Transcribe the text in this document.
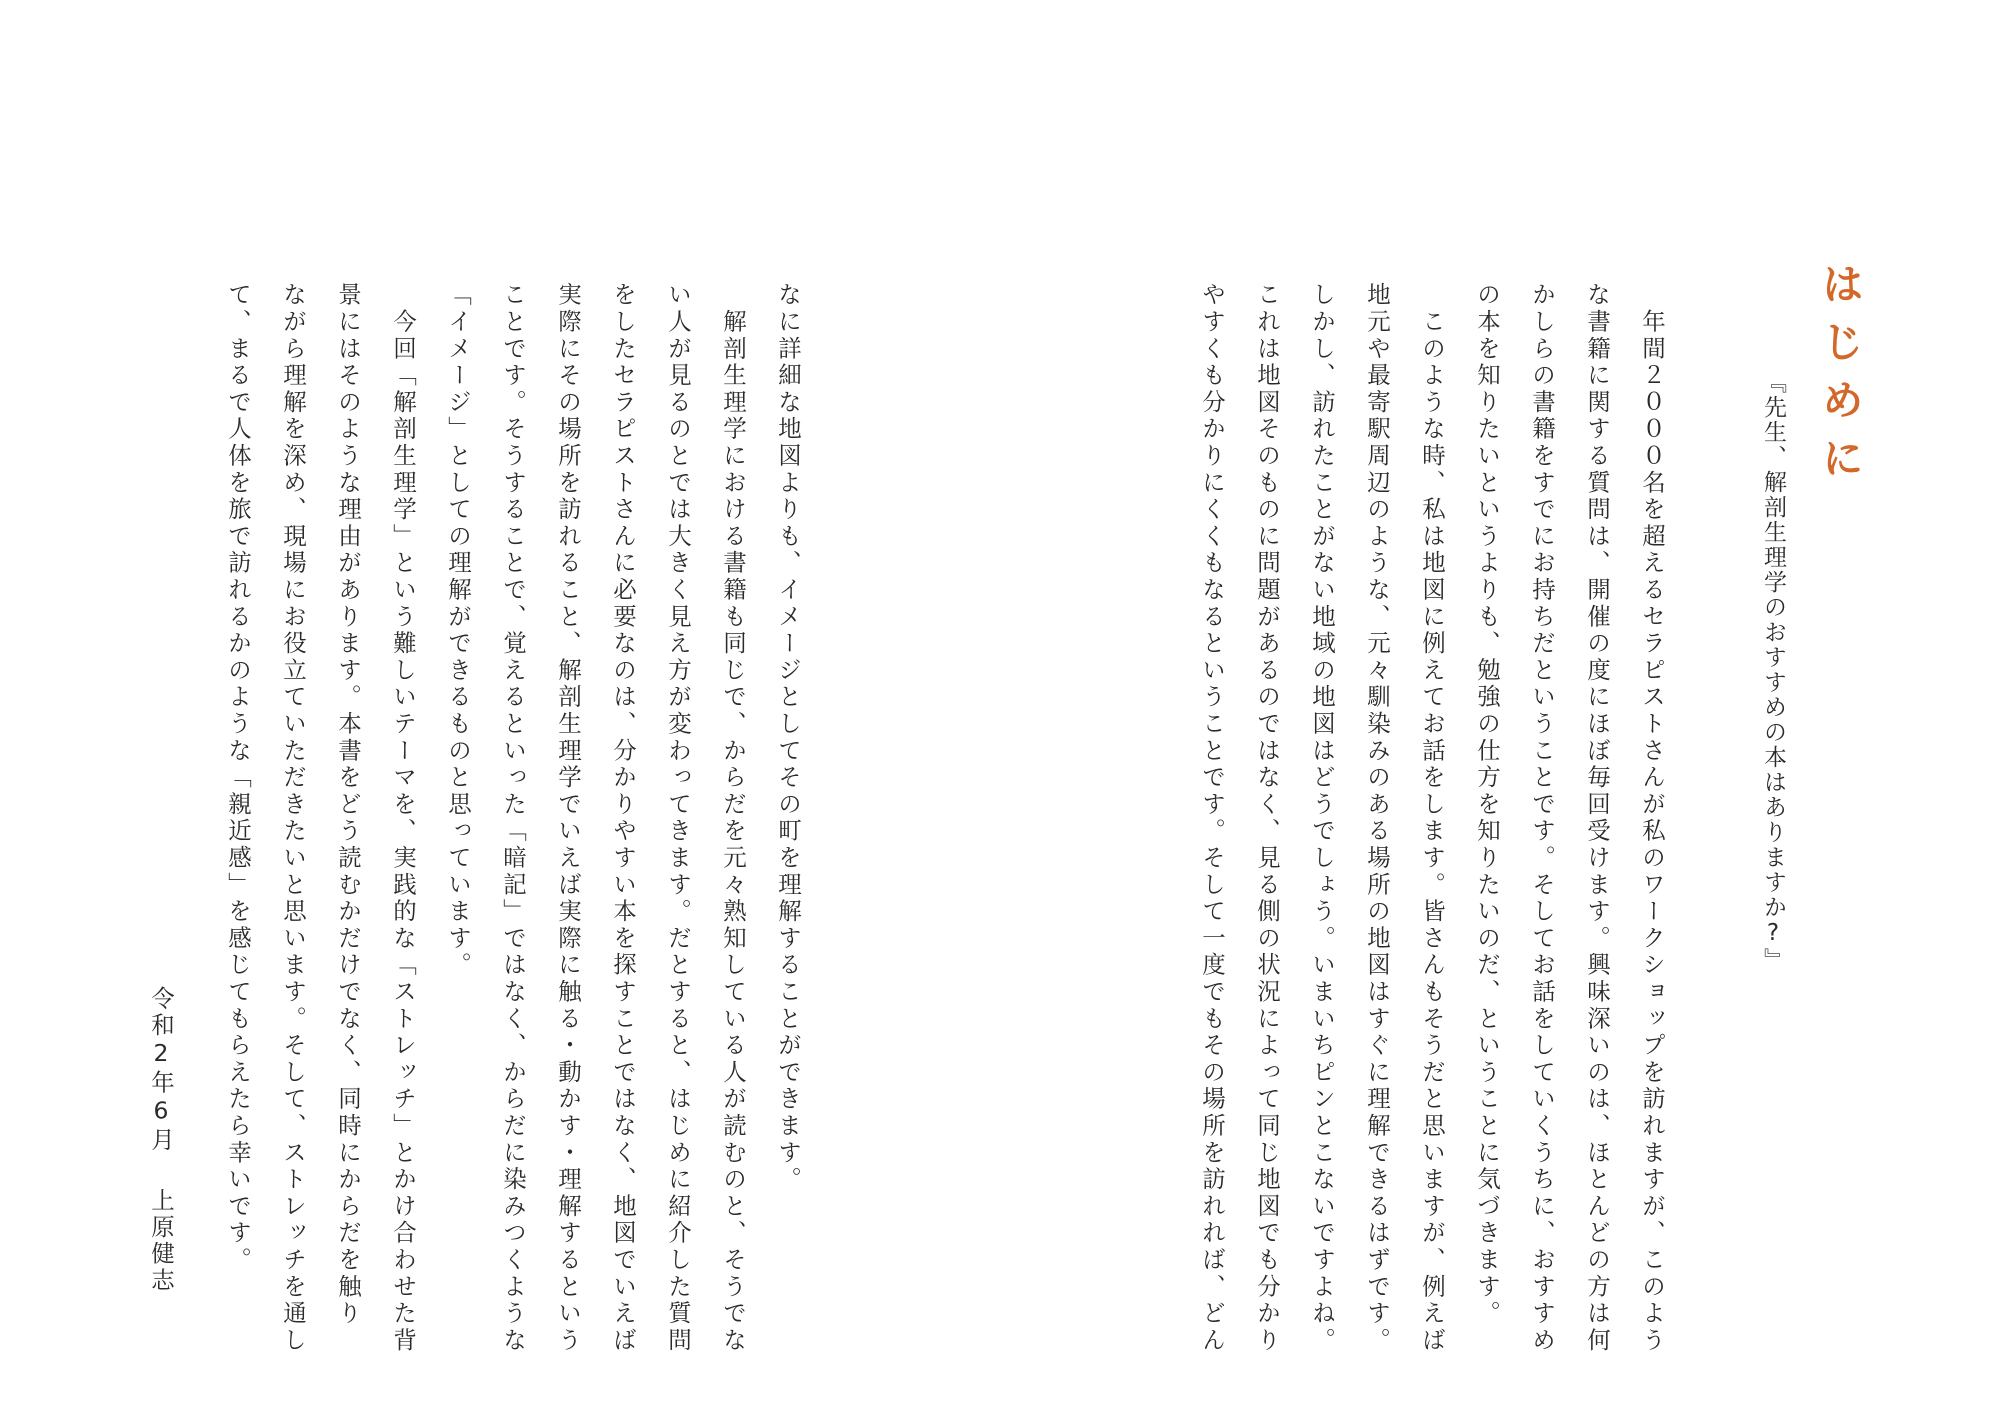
はじめに
『先生、解剖生理学のおすすめの本はありますか?』

　年間２０００名を超えるセラピストさんが私のワークショップを訪れますが、このよう

な書籍に関する質問は、開催の度にほぼ毎回受けます。興味深いのは、ほとんどの方は何

かしらの書籍をすでにお持ちだということです。そしてお話をしていくうちに、おすすめ

の本を知りたいというよりも、勉強の仕方を知りたいのだ、ということに気づきます。

　このような時、私は地図に例えてお話をします。皆さんもそうだと思いますが、例えば

地元や最寄駅周辺のような、元々馴染みのある場所の地図はすぐに理解できるはずです。

しかし、訪れたことがない地域の地図はどうでしょう。いまいちピンとこないですよね。

これは地図そのものに問題があるのではなく、見る側の状況によって同じ地図でも分かり

やすくも分かりにくくもなるということです。そして一度でもその場所を訪れれば、どん

なに詳細な地図よりも、イメージとしてその町を理解することができます。

　解剖生理学における書籍も同じで、からだを元々熟知している人が読むのと、そうでな

い人が見るのとでは大きく見え方が変わってきます。だとすると、はじめに紹介した質問

をしたセラピストさんに必要なのは、分かりやすい本を探すことではなく、地図でいえば

実際にその場所を訪れること、解剖生理学でいえば実際に触る・動かす・理解するという

ことです。そうすることで、覚えるといった「暗記」ではなく、からだに染みつくような

「イメージ」としての理解ができるものと思っています。

　今回「解剖生理学」という難しいテーマを、実践的な「ストレッチ」とかけ合わせた背

景にはそのような理由があります。本書をどう読むかだけでなく、同時にからだを触り

ながら理解を深め、現場にお役立ていただきたいと思います。そして、ストレッチを通し

て、まるで人体を旅で訪れるかのような「親近感」を感じてもらえたら幸いです。

令和2年6月上原健志
